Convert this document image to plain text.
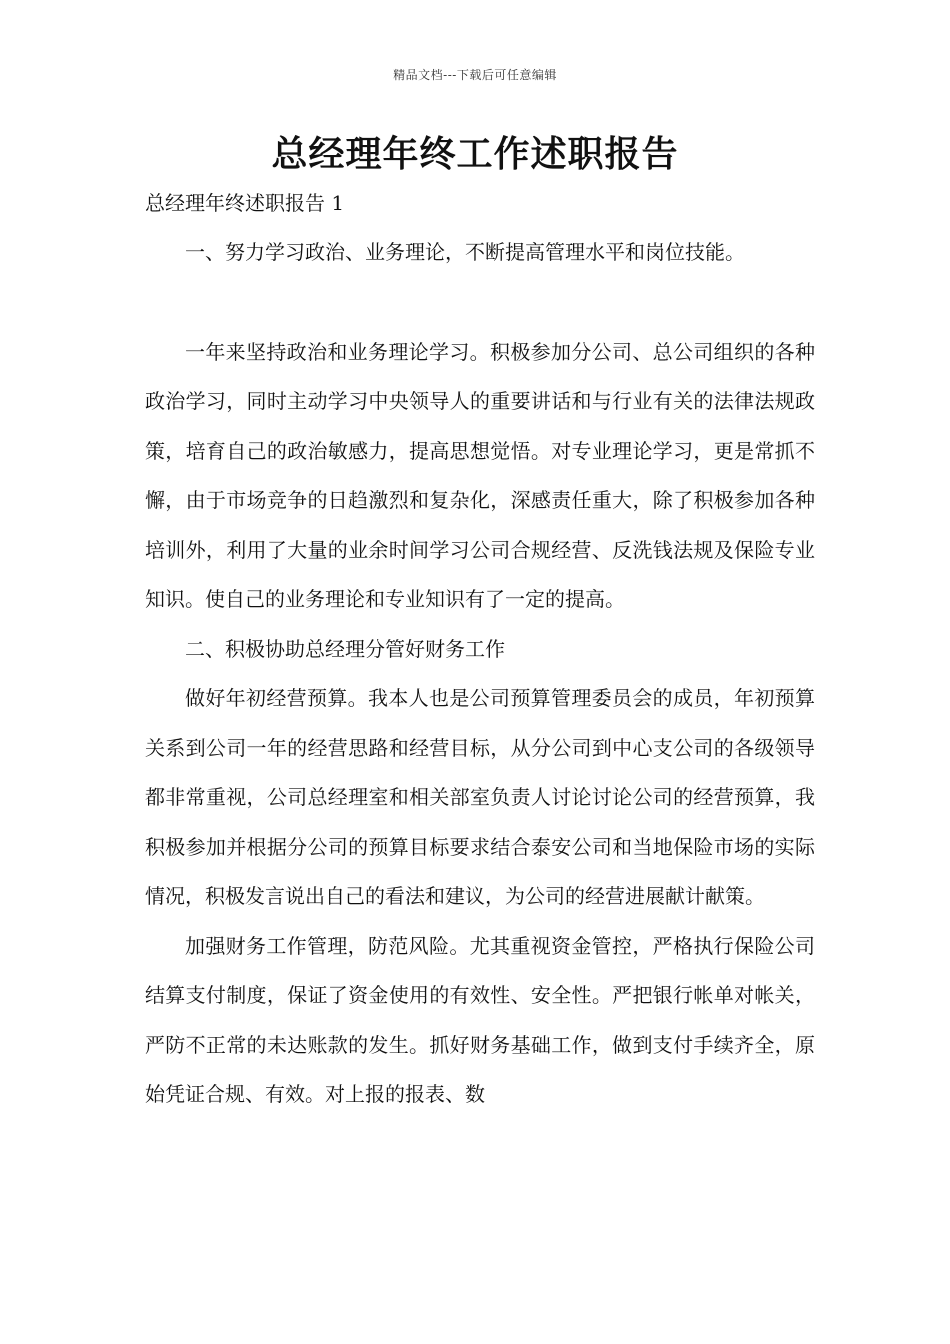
精品文档---下载后可任意编辑
总经理年终工作述职报告
总经理年终述职报告 1

一、努力学习政治、业务理论，不断提高管理水平和岗位技能。

一年来坚持政治和业务理论学习。积极参加分公司、总公司组织的各种政治学习，同时主动学习中央领导人的重要讲话和与行业有关的法律法规政策，培育自己的政治敏感力，提高思想觉悟。对专业理论学习，更是常抓不懈，由于市场竞争的日趋激烈和复杂化，深感责任重大，除了积极参加各种培训外，利用了大量的业余时间学习公司合规经营、反洗钱法规及保险专业知识。使自己的业务理论和专业知识有了一定的提高。

二、积极协助总经理分管好财务工作

做好年初经营预算。我本人也是公司预算管理委员会的成员，年初预算关系到公司一年的经营思路和经营目标，从分公司到中心支公司的各级领导都非常重视，公司总经理室和相关部室负责人讨论讨论公司的经营预算，我积极参加并根据分公司的预算目标要求结合泰安公司和当地保险市场的实际情况，积极发言说出自己的看法和建议，为公司的经营进展献计献策。

加强财务工作管理，防范风险。尤其重视资金管控，严格执行保险公司结算支付制度，保证了资金使用的有效性、安全性。严把银行帐单对帐关，严防不正常的未达账款的发生。抓好财务基础工作，做到支付手续齐全，原始凭证合规、有效。对上报的报表、数
